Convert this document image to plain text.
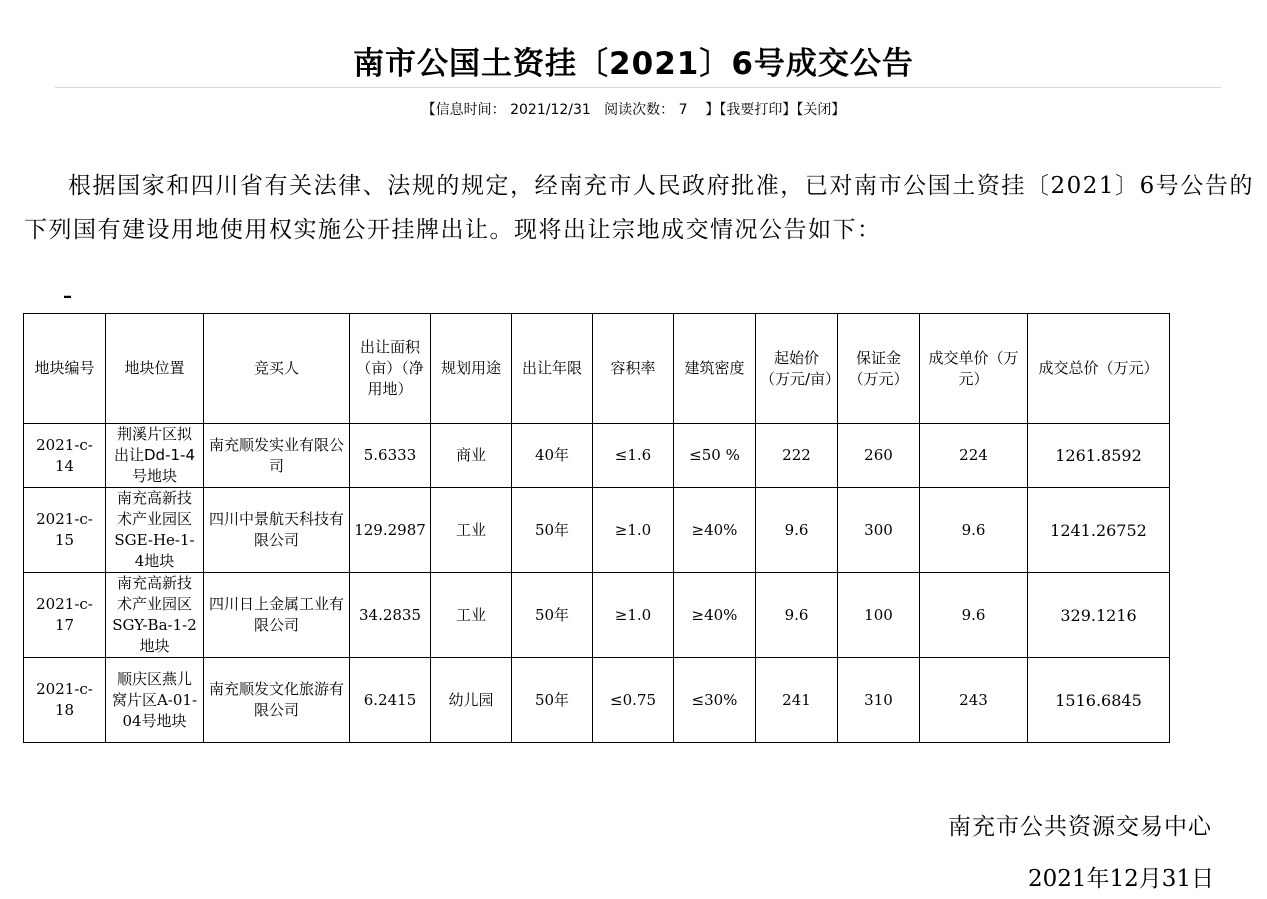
南市公国土资挂〔2021〕6号成交公告
【信息时间： 2021/12/31   阅读次数： 7    】【我要打印】【关闭】
根据国家和四川省有关法律、法规的规定，经南充市人民政府批准，已对南市公国土资挂〔2021〕6号公告的下列国有建设用地使用权实施公开挂牌出让。现将出让宗地成交情况公告如下：
–
地块编号	地块位置	竞买人	出让面积（亩）（净用地）	规划用途	出让年限	容积率	建筑密度	起始价（万元/亩）	保证金（万元）	成交单价（万元）	成交总价（万元）
2021-c-14	荆溪片区拟出让Dd-1-4号地块	南充顺发实业有限公司	5.6333	商业	40年	≤1.6	≤50 %	222	260	224	1261.8592
2021-c-15	南充高新技术产业园区SGE-He-1-4地块	四川中景航天科技有限公司	129.2987	工业	50年	≥1.0	≥40%	9.6	300	9.6	1241.26752
2021-c-17	南充高新技术产业园区SGY-Ba-1-2地块	四川日上金属工业有限公司	34.2835	工业	50年	≥1.0	≥40%	9.6	100	9.6	329.1216
2021-c-18	顺庆区燕儿窝片区A-01-04号地块	南充顺发文化旅游有限公司	6.2415	幼儿园	50年	≤0.75	≤30%	241	310	243	1516.6845
南充市公共资源交易中心
2021年12月31日
